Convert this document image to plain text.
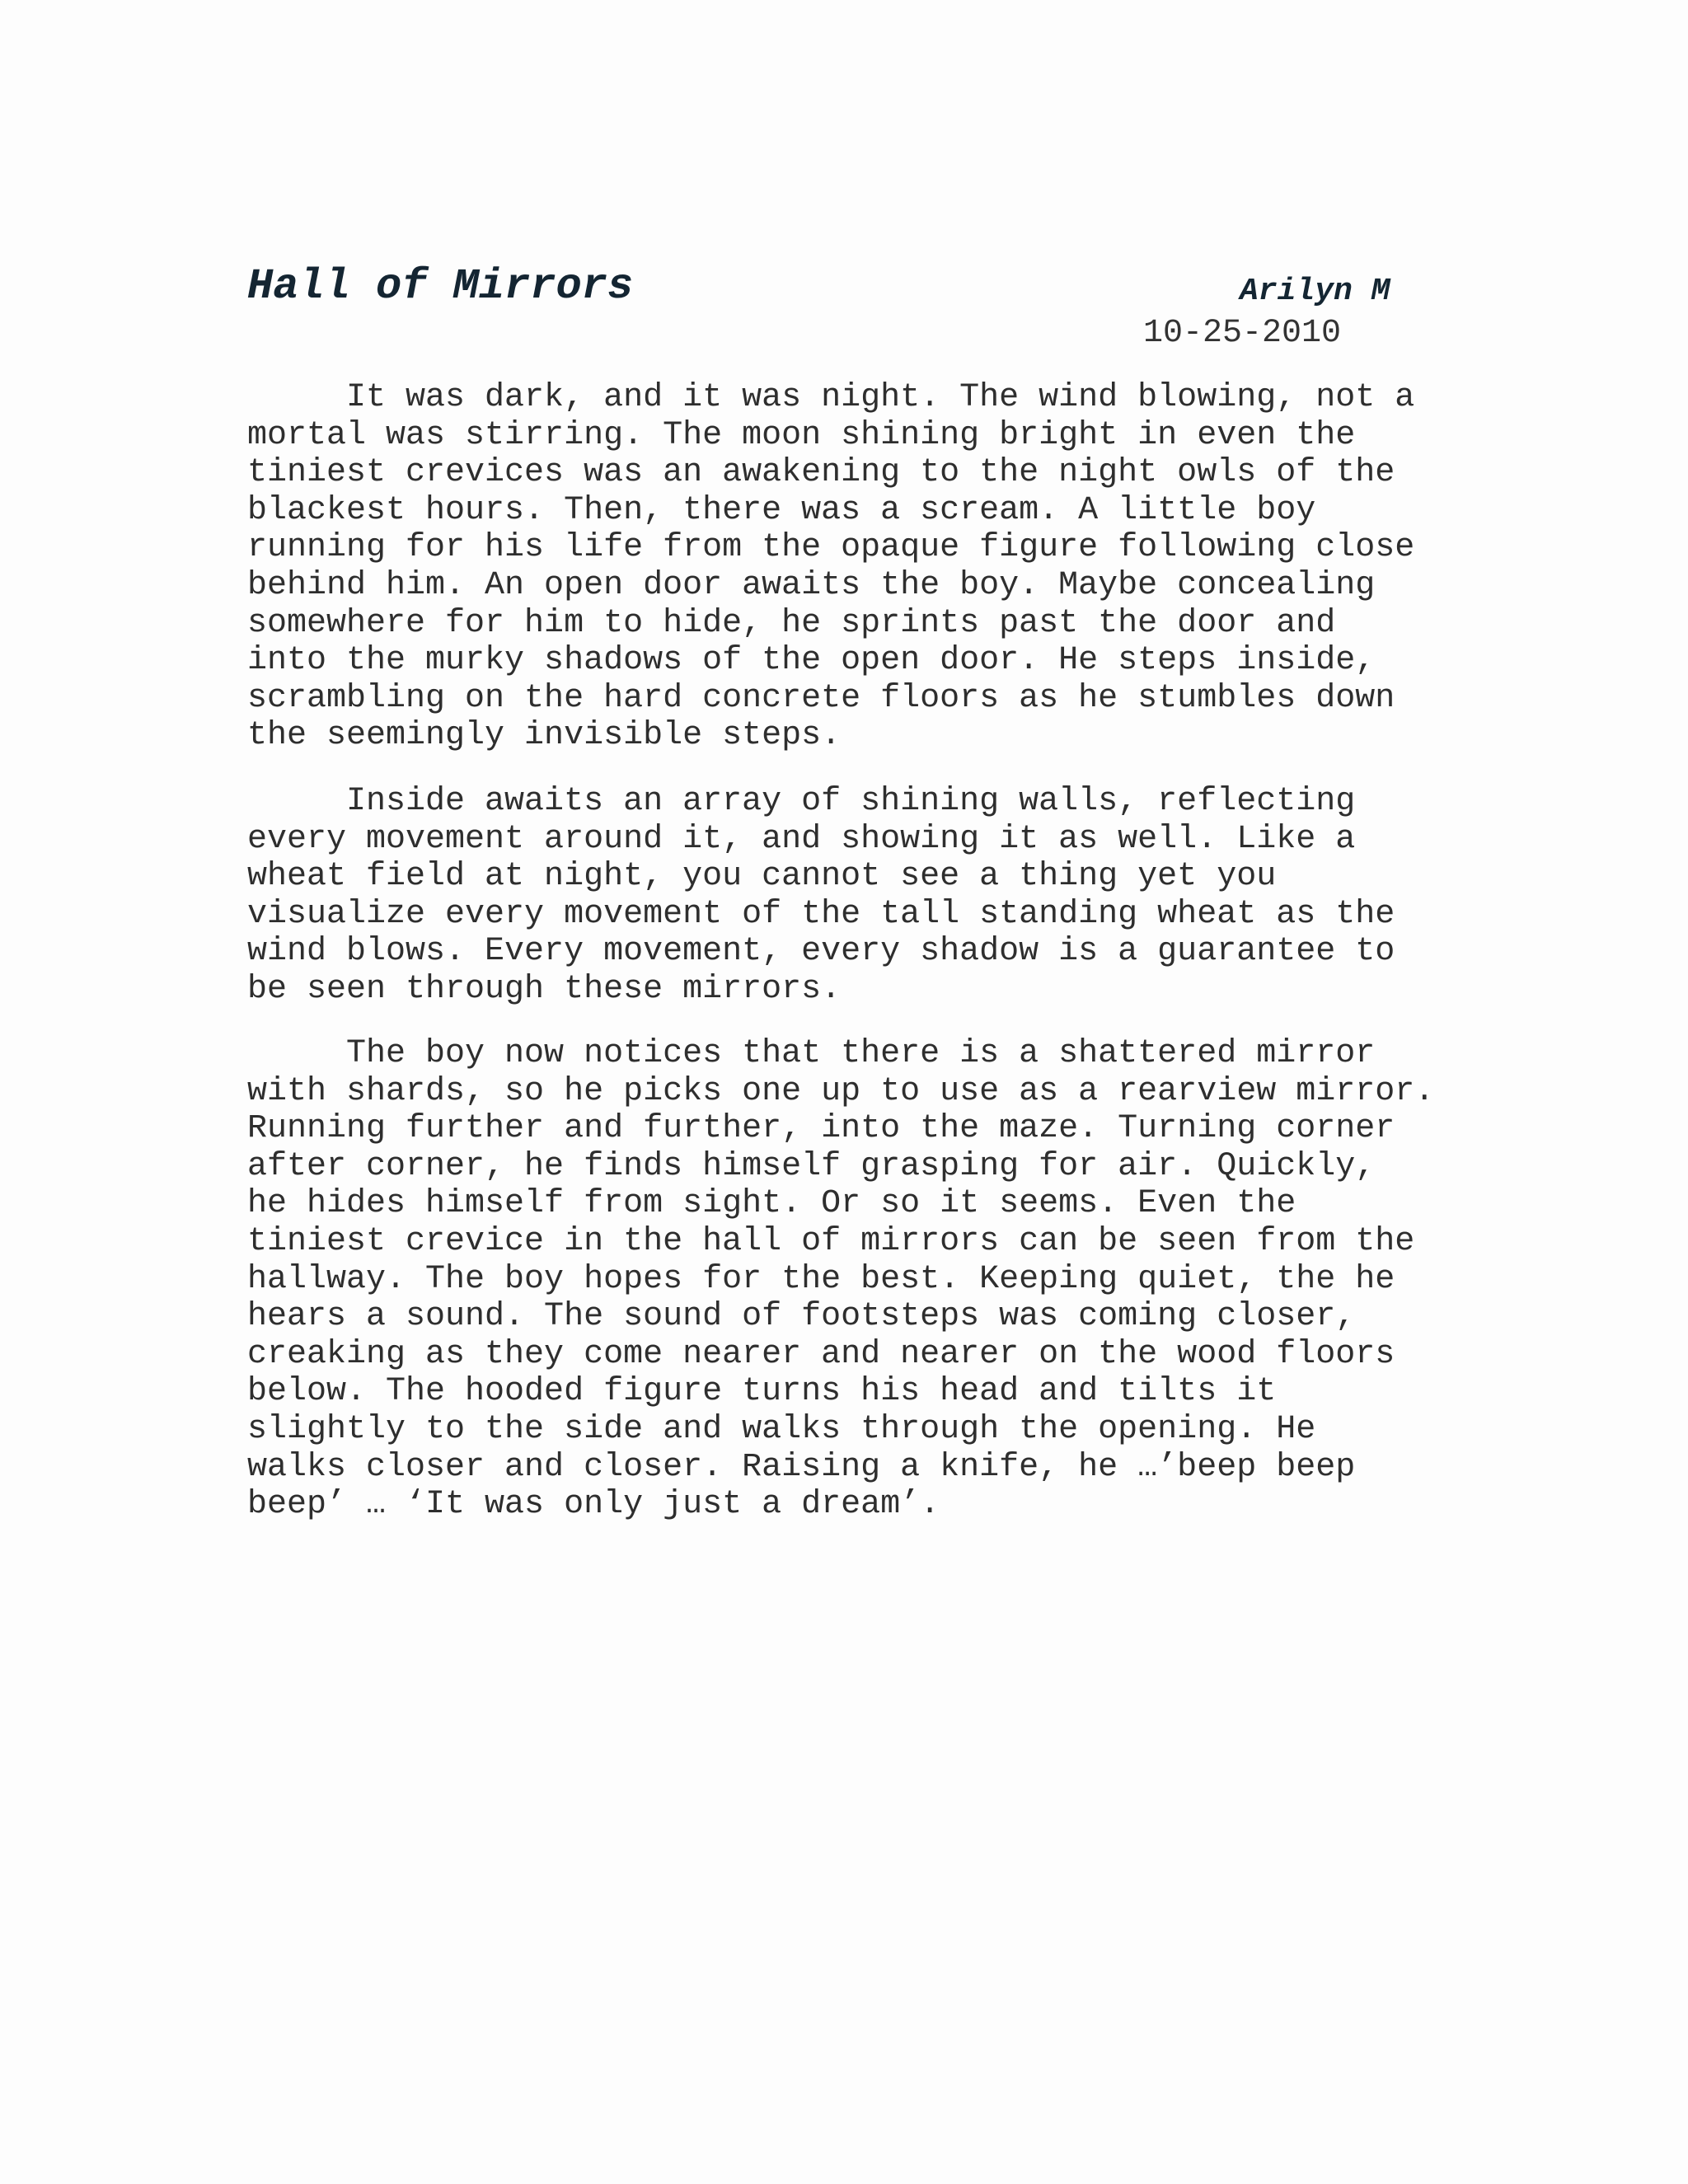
Hall of Mirrors	Arilyn M
10-25-2010
It was dark, and it was night. The wind blowing, not a
mortal was stirring. The moon shining bright in even the
tiniest crevices was an awakening to the night owls of the
blackest hours. Then, there was a scream. A little boy
running for his life from the opaque figure following close
behind him. An open door awaits the boy. Maybe concealing
somewhere for him to hide, he sprints past the door and
into the murky shadows of the open door. He steps inside,
scrambling on the hard concrete floors as he stumbles down
the seemingly invisible steps.
Inside awaits an array of shining walls, reflecting
every movement around it, and showing it as well. Like a
wheat field at night, you cannot see a thing yet you
visualize every movement of the tall standing wheat as the
wind blows. Every movement, every shadow is a guarantee to
be seen through these mirrors.
The boy now notices that there is a shattered mirror
with shards, so he picks one up to use as a rearview mirror.
Running further and further, into the maze. Turning corner
after corner, he finds himself grasping for air. Quickly,
he hides himself from sight. Or so it seems. Even the
tiniest crevice in the hall of mirrors can be seen from the
hallway. The boy hopes for the best. Keeping quiet, the he
hears a sound. The sound of footsteps was coming closer,
creaking as they come nearer and nearer on the wood floors
below. The hooded figure turns his head and tilts it
slightly to the side and walks through the opening. He
walks closer and closer. Raising a knife, he …’beep beep
beep’ … ‘It was only just a dream’.
